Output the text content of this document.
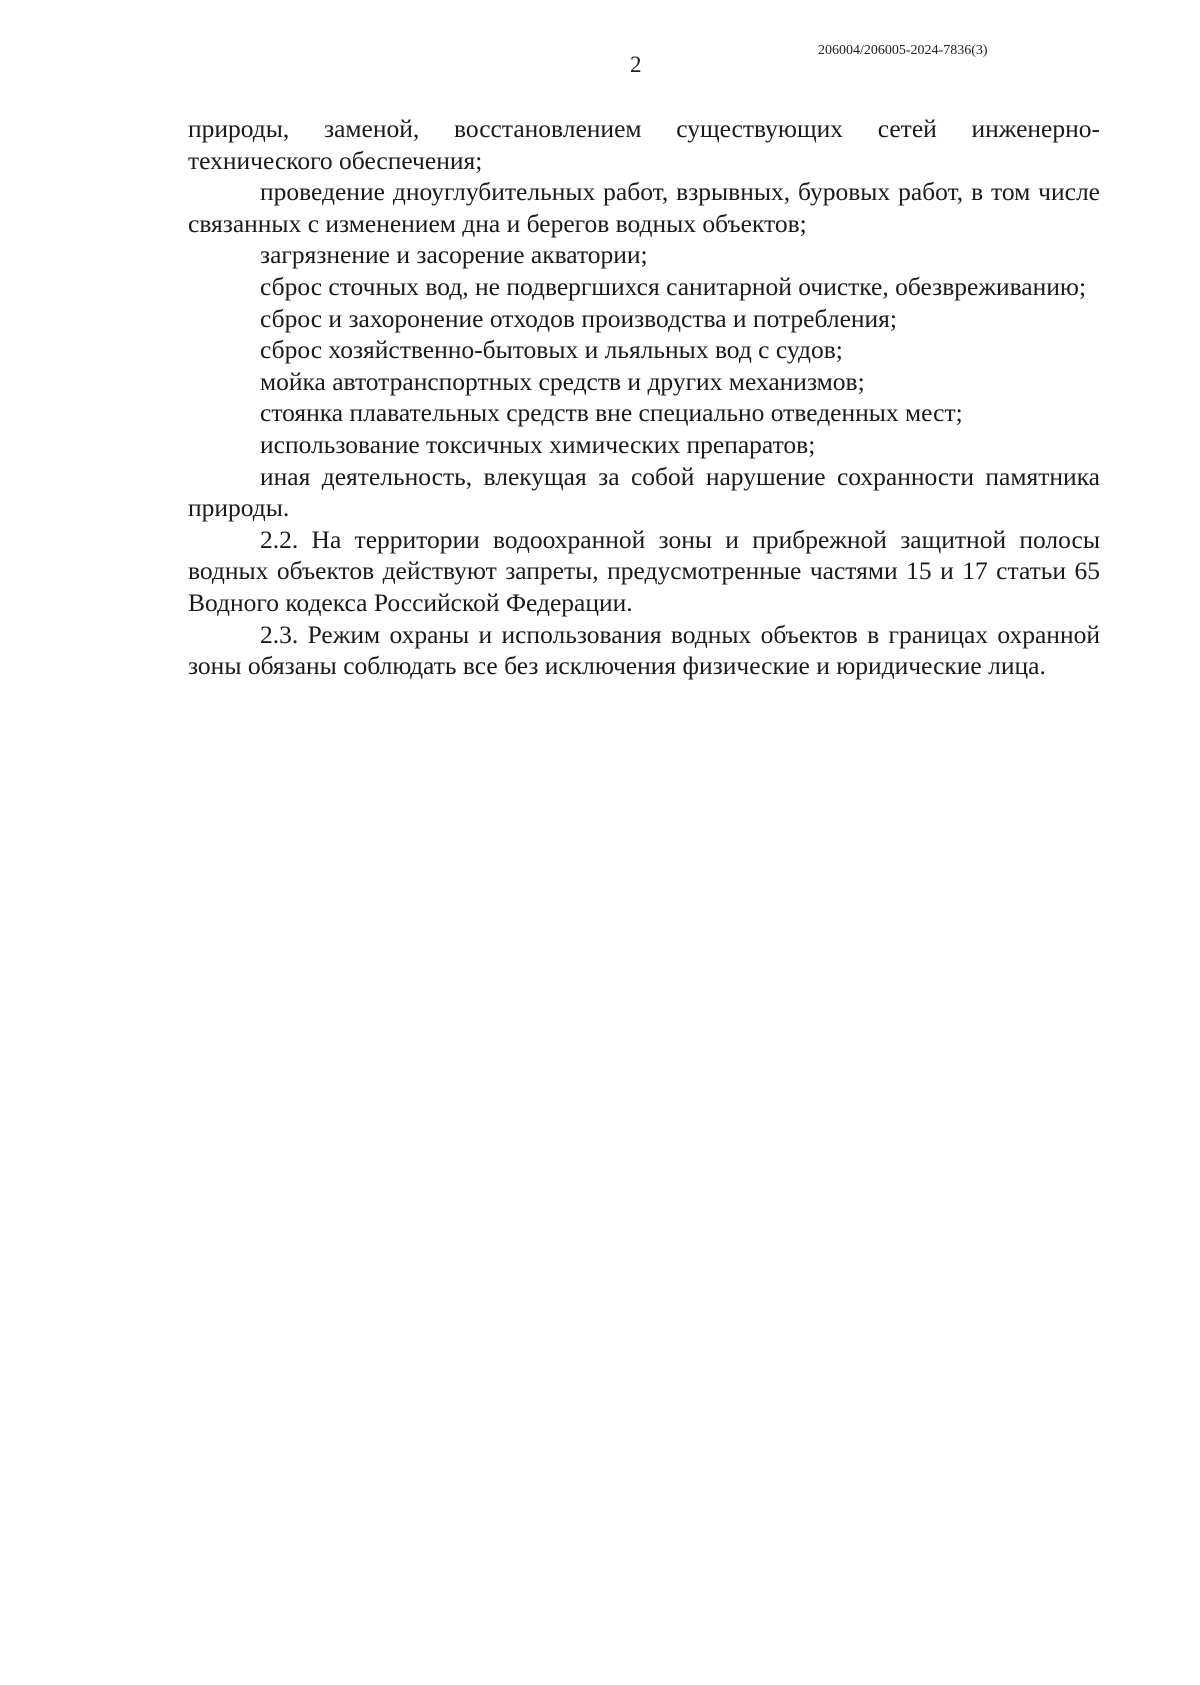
206004/206005-2024-7836(3)
2

природы, заменой, восстановлением существующих сетей инженерно-технического обеспечения;

проведение дноуглубительных работ, взрывных, буровых работ, в том числе связанных с изменением дна и берегов водных объектов;

загрязнение и засорение акватории;

сброс сточных вод, не подвергшихся санитарной очистке, обезвреживанию;

сброс и захоронение отходов производства и потребления;

сброс хозяйственно-бытовых и льяльных вод с судов;

мойка автотранспортных средств и других механизмов;

стоянка плавательных средств вне специально отведенных мест;

использование токсичных химических препаратов;

иная деятельность, влекущая за собой нарушение сохранности памятника природы.

2.2. На территории водоохранной зоны и прибрежной защитной полосы водных объектов действуют запреты, предусмотренные частями 15 и 17 статьи 65 Водного кодекса Российской Федерации.

2.3. Режим охраны и использования водных объектов в границах охранной зоны обязаны соблюдать все без исключения физические и юридические лица.
